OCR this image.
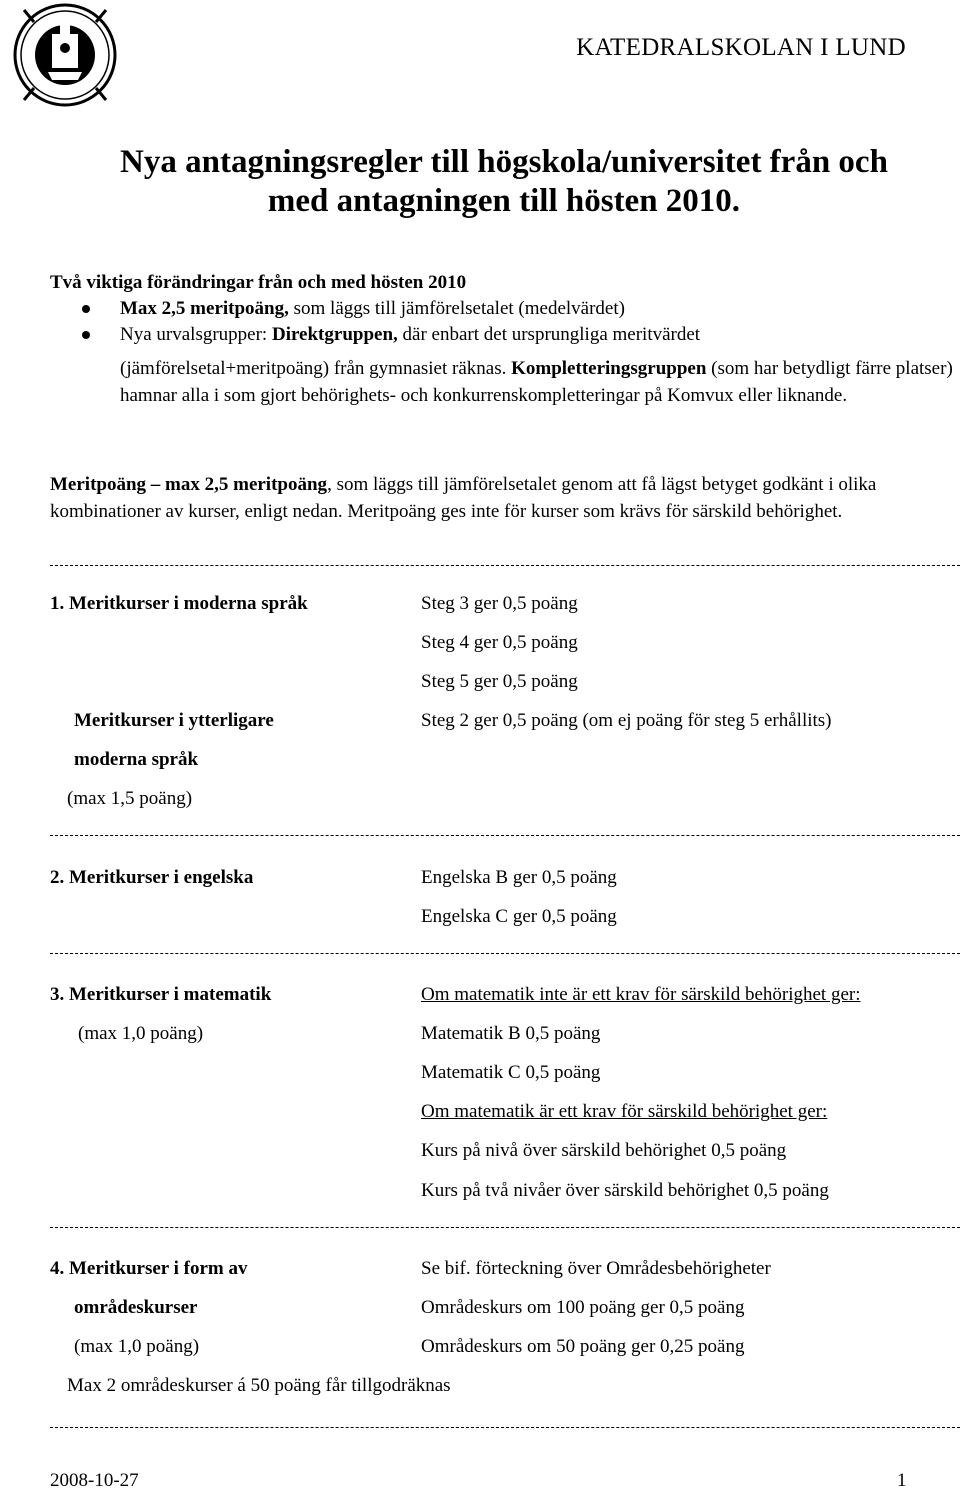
KATEDRALSKOLAN I LUND
Nya antagningsregler till högskola/universitet från och
med antagningen till hösten 2010.
Två viktiga förändringar från och med hösten 2010
Max 2,5 meritpoäng, som läggs till jämförelsetalet (medelvärdet)
Nya urvalsgrupper: Direktgruppen, där enbart det ursprungliga meritvärdet
(jämförelsetal+meritpoäng) från gymnasiet räknas. Kompletteringsgruppen (som har betydligt färre platser) hamnar alla i som gjort behörighets- och konkurrenskompletteringar på Komvux eller liknande.
Meritpoäng – max 2,5 meritpoäng, som läggs till jämförelsetalet genom att få lägst betyget godkänt i olika kombinationer av kurser, enligt nedan. Meritpoäng ges inte för kurser som krävs för särskild behörighet.
1. Meritkurser i moderna språk	Steg 3 ger 0,5 poäng
Steg 4 ger 0,5 poäng
Steg 5 ger 0,5 poäng
Meritkurser i ytterligare	Steg 2 ger 0,5 poäng (om ej poäng för steg 5 erhållits)
moderna språk
(max 1,5 poäng)
2. Meritkurser i engelska	Engelska B ger 0,5 poäng
Engelska C ger 0,5 poäng
3. Meritkurser i matematik	Om matematik inte är ett krav för särskild behörighet ger:
(max 1,0 poäng)	Matematik B 0,5 poäng
Matematik C 0,5 poäng
Om matematik är ett krav för särskild behörighet ger:
Kurs på nivå över särskild behörighet 0,5 poäng
Kurs på två nivåer över särskild behörighet 0,5 poäng
4. Meritkurser i form av	Se bif. förteckning över Områdesbehörigheter
områdeskurser	Områdeskurs om 100 poäng ger 0,5 poäng
(max 1,0 poäng)	Områdeskurs om 50 poäng ger 0,25 poäng
Max 2 områdeskurser á 50 poäng får tillgodräknas
2008-10-27	1
